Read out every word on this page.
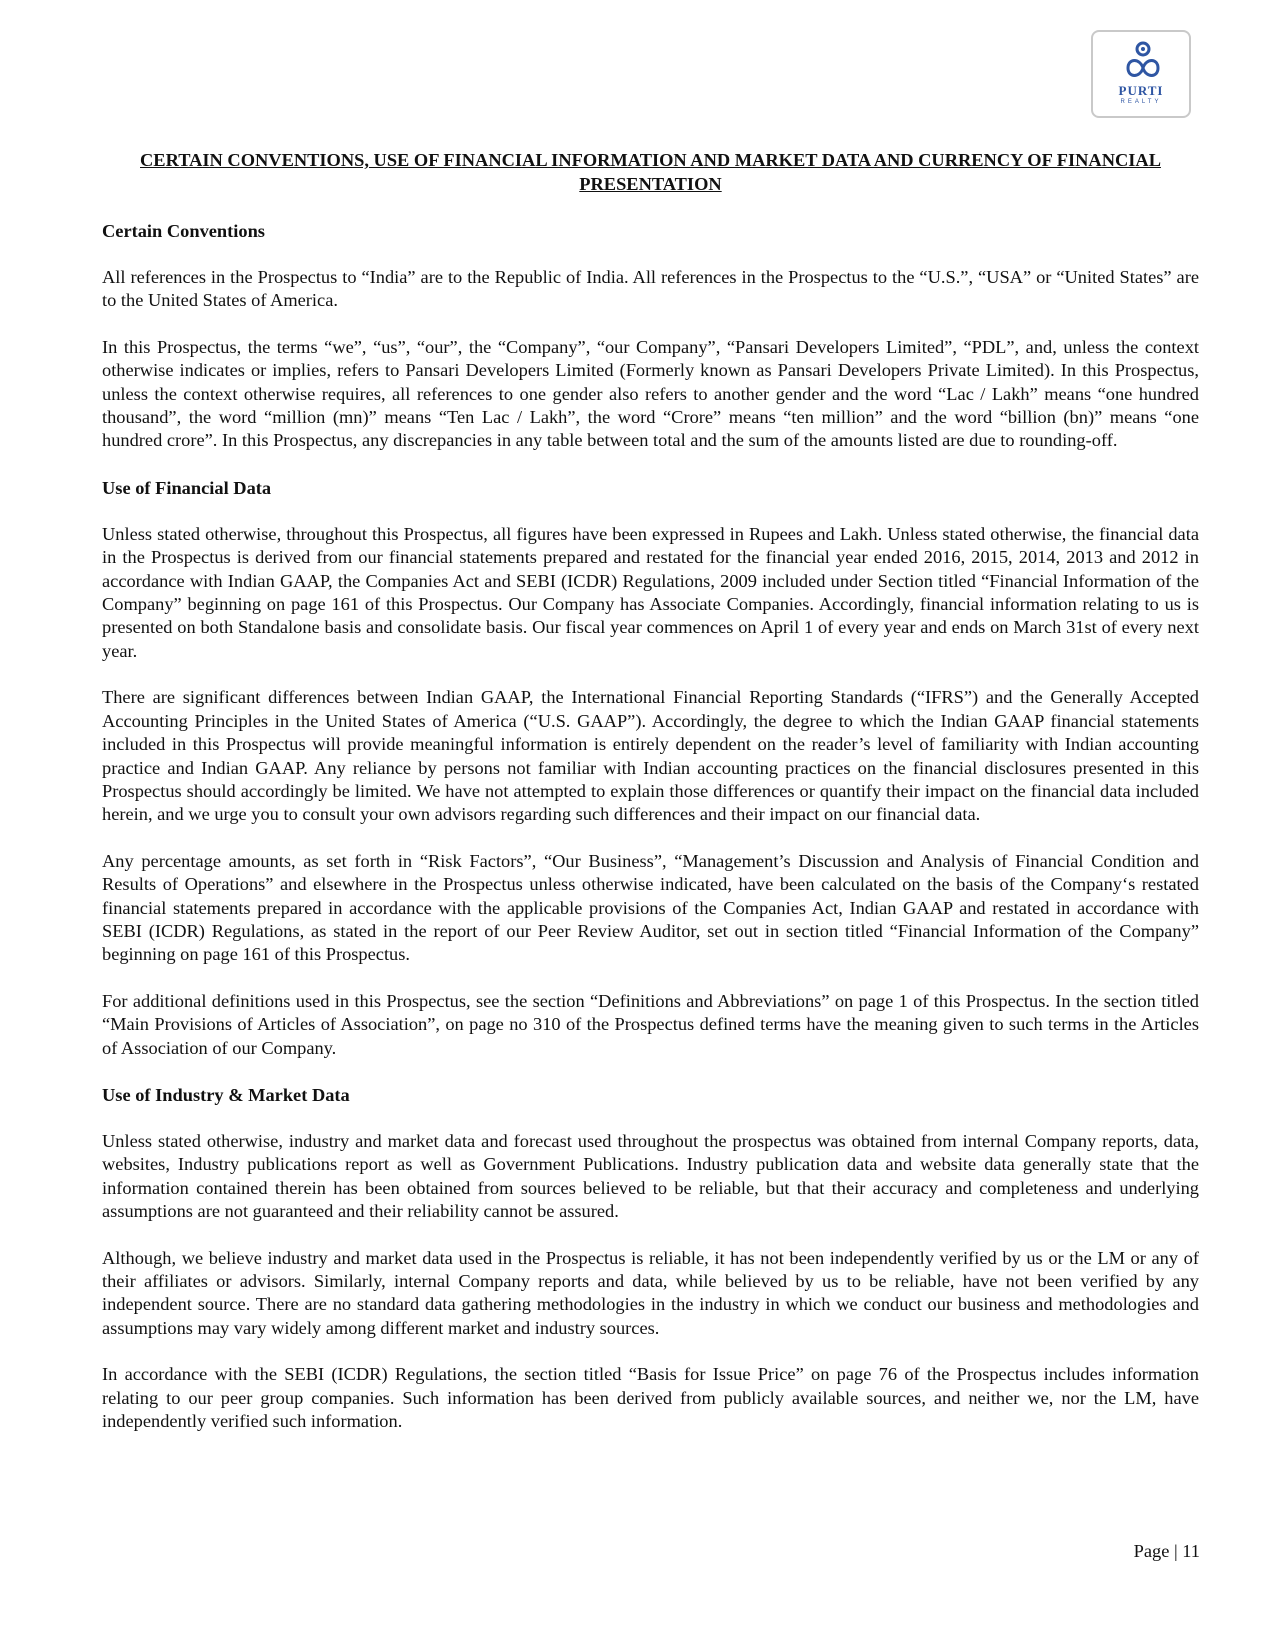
PURTI
REALTY
CERTAIN CONVENTIONS, USE OF FINANCIAL INFORMATION AND MARKET DATA AND CURRENCY OF FINANCIAL PRESENTATION
Certain Conventions

All references in the Prospectus to “India” are to the Republic of India. All references in the Prospectus to the “U.S.”, “USA” or “United States” are to the United States of America.

In this Prospectus, the terms “we”, “us”, “our”, the “Company”, “our Company”, “Pansari Developers Limited”, “PDL”, and, unless the context otherwise indicates or implies, refers to Pansari Developers Limited (Formerly known as Pansari Developers Private Limited). In this Prospectus, unless the context otherwise requires, all references to one gender also refers to another gender and the word “Lac / Lakh” means “one hundred thousand”, the word “million (mn)” means “Ten Lac / Lakh”, the word “Crore” means “ten million” and the word “billion (bn)” means “one hundred crore”. In this Prospectus, any discrepancies in any table between total and the sum of the amounts listed are due to rounding-off.

Use of Financial Data

Unless stated otherwise, throughout this Prospectus, all figures have been expressed in Rupees and Lakh. Unless stated otherwise, the financial data in the Prospectus is derived from our financial statements prepared and restated for the financial year ended 2016, 2015, 2014, 2013 and 2012 in accordance with Indian GAAP, the Companies Act and SEBI (ICDR) Regulations, 2009 included under Section titled “Financial Information of the Company” beginning on page 161 of this Prospectus. Our Company has Associate Companies. Accordingly, financial information relating to us is presented on both Standalone basis and consolidate basis. Our fiscal year commences on April 1 of every year and ends on March 31st of every next year.

There are significant differences between Indian GAAP, the International Financial Reporting Standards (“IFRS”) and the Generally Accepted Accounting Principles in the United States of America (“U.S. GAAP”). Accordingly, the degree to which the Indian GAAP financial statements included in this Prospectus will provide meaningful information is entirely dependent on the reader’s level of familiarity with Indian accounting practice and Indian GAAP. Any reliance by persons not familiar with Indian accounting practices on the financial disclosures presented in this Prospectus should accordingly be limited. We have not attempted to explain those differences or quantify their impact on the financial data included herein, and we urge you to consult your own advisors regarding such differences and their impact on our financial data.

Any percentage amounts, as set forth in “Risk Factors”, “Our Business”, “Management’s Discussion and Analysis of Financial Condition and Results of Operations” and elsewhere in the Prospectus unless otherwise indicated, have been calculated on the basis of the Company‘s restated financial statements prepared in accordance with the applicable provisions of the Companies Act, Indian GAAP and restated in accordance with SEBI (ICDR) Regulations, as stated in the report of our Peer Review Auditor, set out in section titled “Financial Information of the Company” beginning on page 161 of this Prospectus.

For additional definitions used in this Prospectus, see the section “Definitions and Abbreviations” on page 1 of this Prospectus. In the section titled “Main Provisions of Articles of Association”, on page no 310 of the Prospectus defined terms have the meaning given to such terms in the Articles of Association of our Company.

Use of Industry & Market Data

Unless stated otherwise, industry and market data and forecast used throughout the prospectus was obtained from internal Company reports, data, websites, Industry publications report as well as Government Publications. Industry publication data and website data generally state that the information contained therein has been obtained from sources believed to be reliable, but that their accuracy and completeness and underlying assumptions are not guaranteed and their reliability cannot be assured.

Although, we believe industry and market data used in the Prospectus is reliable, it has not been independently verified by us or the LM or any of their affiliates or advisors. Similarly, internal Company reports and data, while believed by us to be reliable, have not been verified by any independent source. There are no standard data gathering methodologies in the industry in which we conduct our business and methodologies and assumptions may vary widely among different market and industry sources.

In accordance with the SEBI (ICDR) Regulations, the section titled “Basis for Issue Price” on page 76 of the Prospectus includes information relating to our peer group companies. Such information has been derived from publicly available sources, and neither we, nor the LM, have independently verified such information.

Page | 11
